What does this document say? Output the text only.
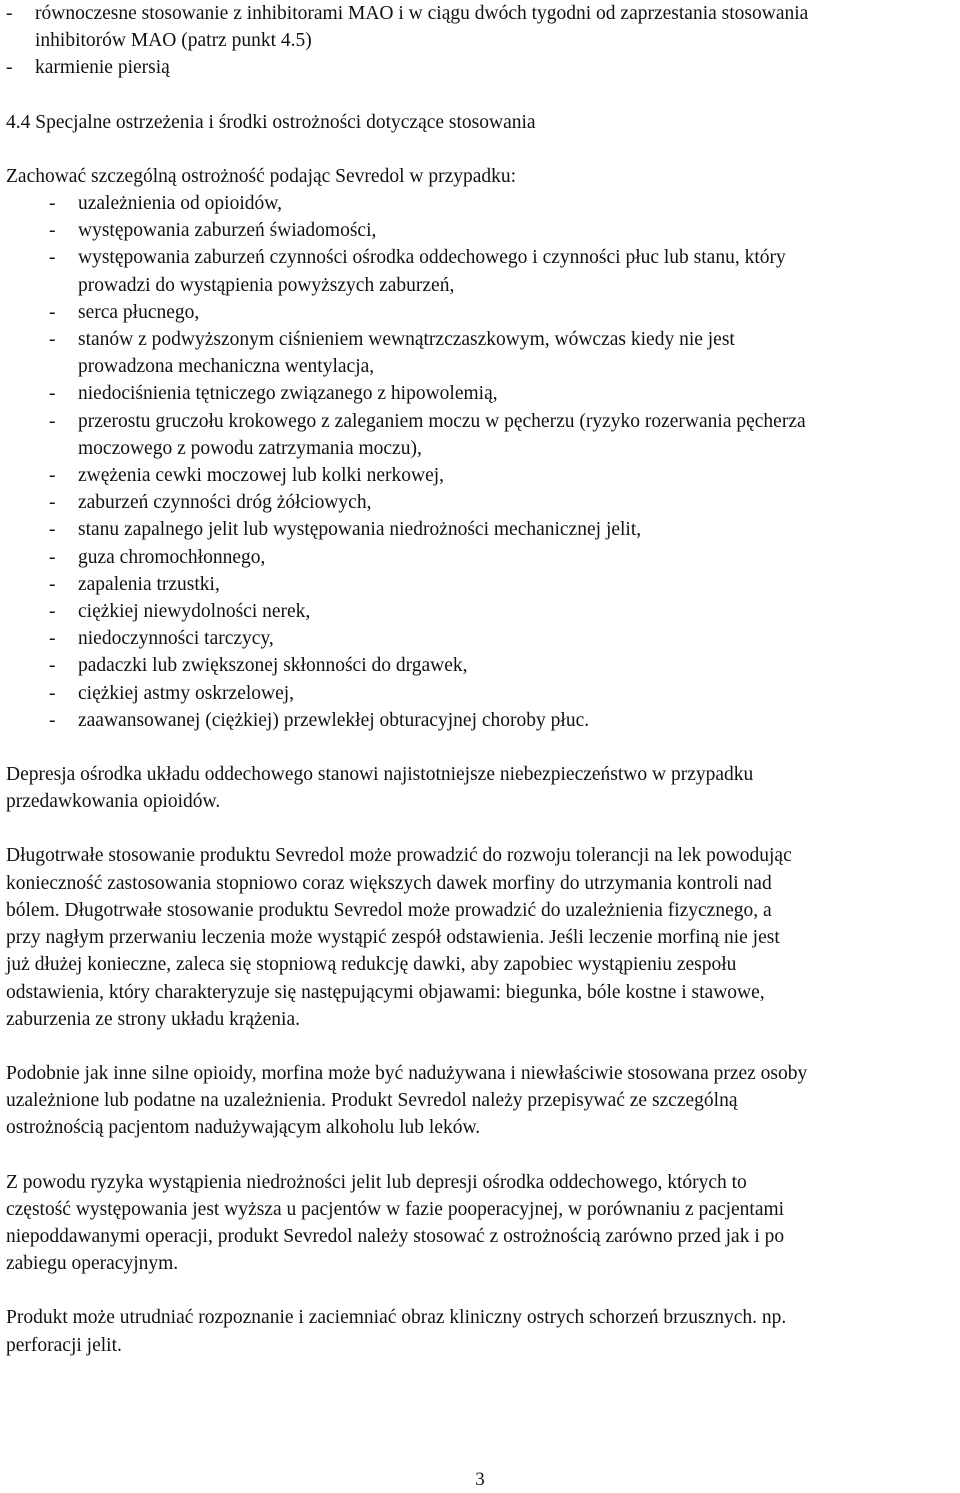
- równoczesne stosowanie z inhibitorami MAO i w ciągu dwóch tygodni od zaprzestania stosowania
inhibitorów MAO (patrz punkt 4.5)
- karmienie piersią

4.4 Specjalne ostrzeżenia i środki ostrożności dotyczące stosowania

Zachować szczególną ostrożność podając Sevredol w przypadku:

- uzależnienia od opioidów,
- występowania zaburzeń świadomości,
- występowania zaburzeń czynności ośrodka oddechowego i czynności płuc lub stanu, który
prowadzi do wystąpienia powyższych zaburzeń,
- serca płucnego,
- stanów z podwyższonym ciśnieniem wewnątrzczaszkowym, wówczas kiedy nie jest
prowadzona mechaniczna wentylacja,
- niedociśnienia tętniczego związanego z hipowolemią,
- przerostu gruczołu krokowego z zaleganiem moczu w pęcherzu (ryzyko rozerwania pęcherza
moczowego z powodu zatrzymania moczu),
- zwężenia cewki moczowej lub kolki nerkowej,
- zaburzeń czynności dróg żółciowych,
- stanu zapalnego jelit lub występowania niedrożności mechanicznej jelit,
- guza chromochłonnego,
- zapalenia trzustki,
- ciężkiej niewydolności nerek,
- niedoczynności tarczycy,
- padaczki lub zwiększonej skłonności do drgawek,
- ciężkiej astmy oskrzelowej,
- zaawansowanej (ciężkiej) przewlekłej obturacyjnej choroby płuc.

Depresja ośrodka układu oddechowego stanowi najistotniejsze niebezpieczeństwo w przypadku
przedawkowania opioidów.

Długotrwałe stosowanie produktu Sevredol może prowadzić do rozwoju tolerancji na lek powodując
konieczność zastosowania stopniowo coraz większych dawek morfiny do utrzymania kontroli nad
bólem. Długotrwałe stosowanie produktu Sevredol może prowadzić do uzależnienia fizycznego, a
przy nagłym przerwaniu leczenia może wystąpić zespół odstawienia. Jeśli leczenie morfiną nie jest
już dłużej konieczne, zaleca się stopniową redukcję dawki, aby zapobiec wystąpieniu zespołu
odstawienia, który charakteryzuje się następującymi objawami: biegunka, bóle kostne i stawowe,
zaburzenia ze strony układu krążenia.

Podobnie jak inne silne opioidy, morfina może być nadużywana i niewłaściwie stosowana przez osoby
uzależnione lub podatne na uzależnienia. Produkt Sevredol należy przepisywać ze szczególną
ostrożnością pacjentom nadużywającym alkoholu lub leków.

Z powodu ryzyka wystąpienia niedrożności jelit lub depresji ośrodka oddechowego, których to
częstość występowania jest wyższa u pacjentów w fazie pooperacyjnej, w porównaniu z pacjentami
niepoddawanymi operacji, produkt Sevredol należy stosować z ostrożnością zarówno przed jak i po
zabiegu operacyjnym.

Produkt może utrudniać rozpoznanie i zaciemniać obraz kliniczny ostrych schorzeń brzusznych. np.
perforacji jelit.

3
